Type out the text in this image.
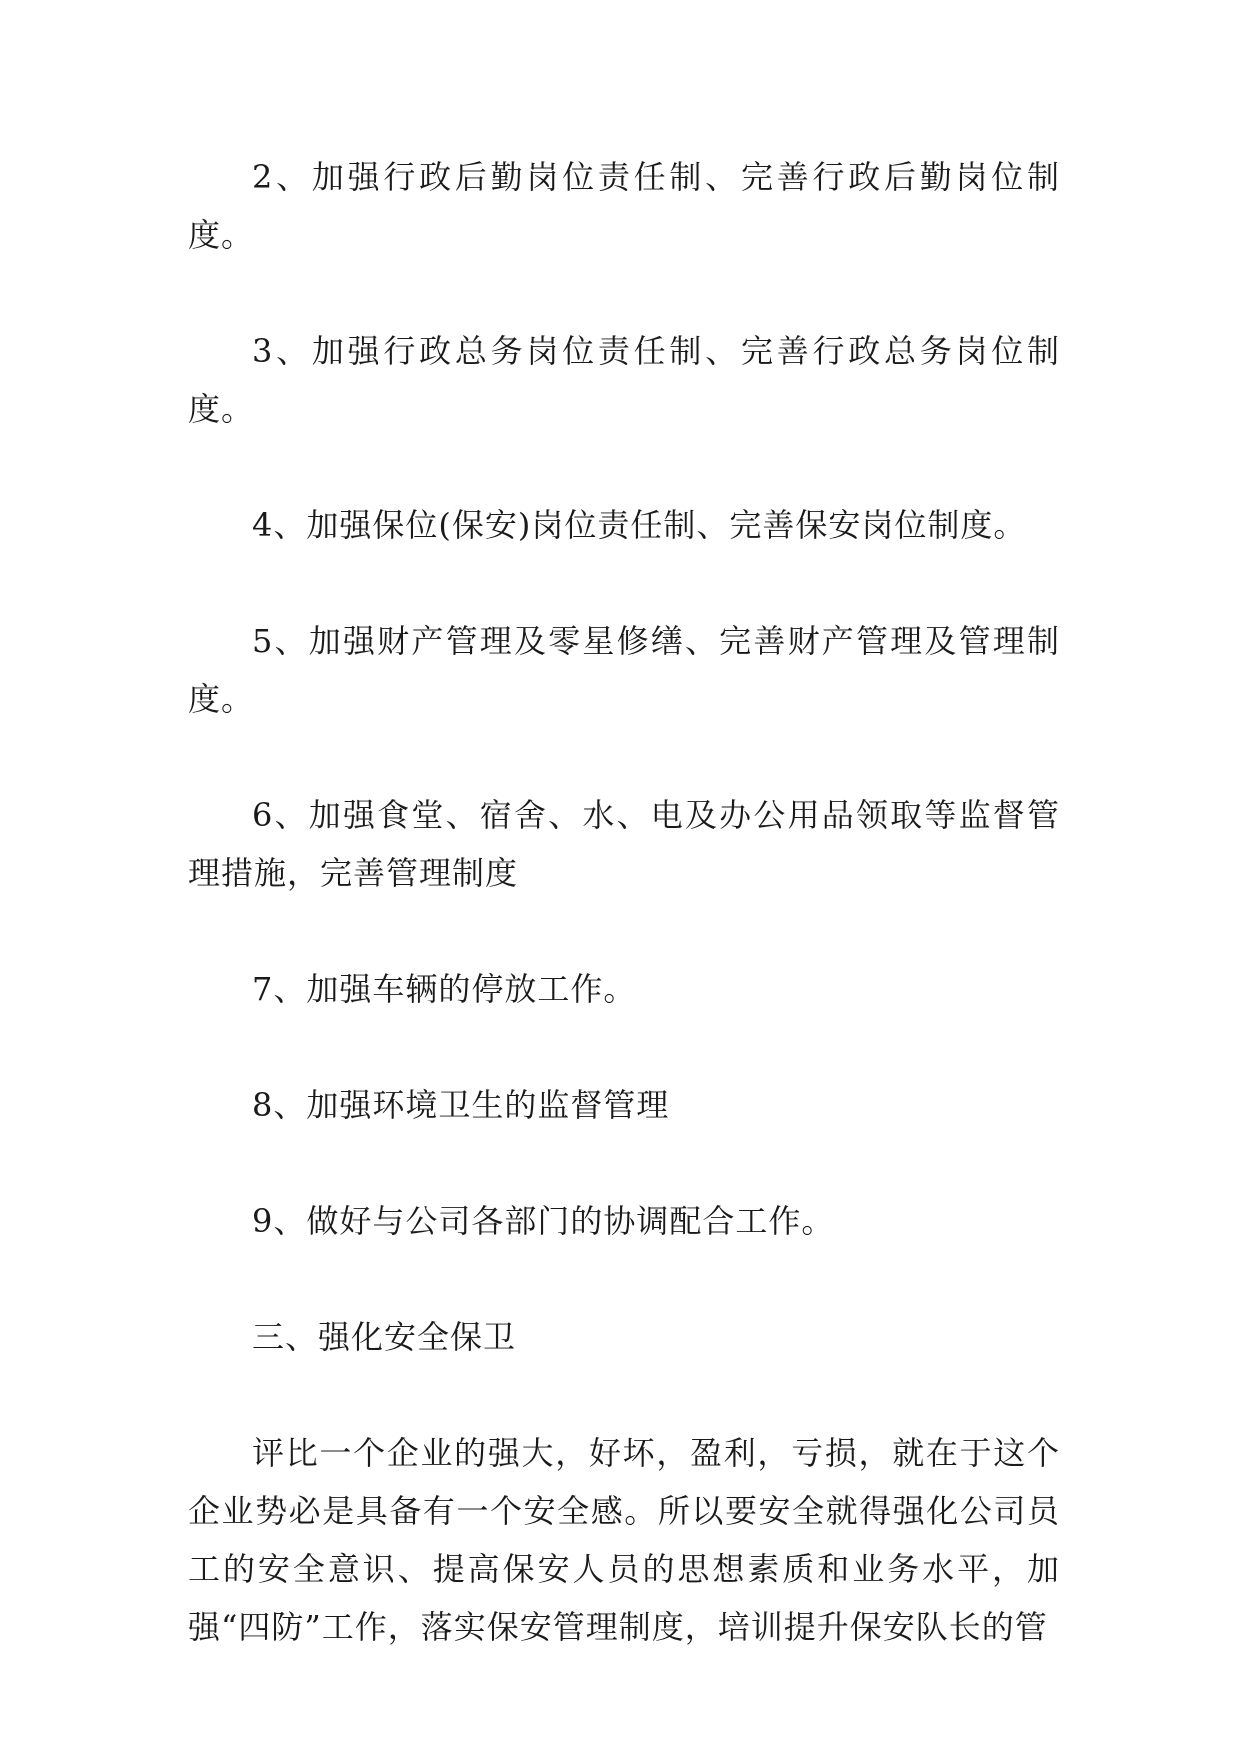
2、加强行政后勤岗位责任制、完善行政后勤岗位制度。

3、加强行政总务岗位责任制、完善行政总务岗位制度。

4、加强保位(保安)岗位责任制、完善保安岗位制度。

5、加强财产管理及零星修缮、完善财产管理及管理制度。

6、加强食堂、宿舍、水、电及办公用品领取等监督管理措施，完善管理制度

7、加强车辆的停放工作。

8、加强环境卫生的监督管理

9、做好与公司各部门的协调配合工作。

三、强化安全保卫

评比一个企业的强大，好坏，盈利，亏损，就在于这个企业势必是具备有一个安全感。所以要安全就得强化公司员工的安全意识、提高保安人员的思想素质和业务水平，加强“四防”工作，落实保安管理制度，培训提升保安队长的管
